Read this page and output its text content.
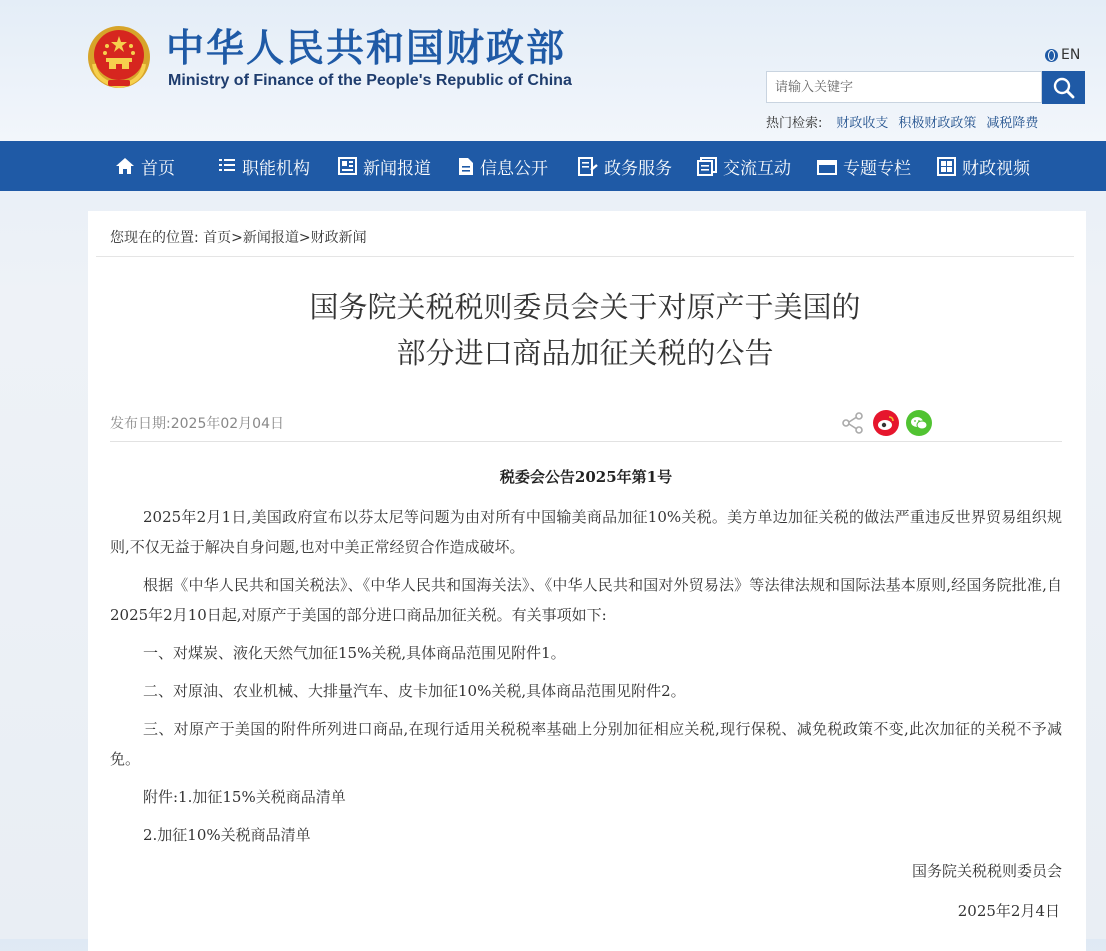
中华人民共和国财政部
Ministry of Finance of the People's Republic of China
EN
请输入关键字
热门检索: 财政收支 积极财政政策 减税降费
首页	职能机构	新闻报道	信息公开	政务服务	交流互动	专题专栏	财政视频
您现在的位置: 首页>新闻报道>财政新闻
国务院关税税则委员会关于对原产于美国的
部分进口商品加征关税的公告
发布日期:2025年02月04日
税委会公告2025年第1号

2025年2月1日,美国政府宣布以芬太尼等问题为由对所有中国输美商品加征10%关税。美方单边加征关税的做法严重违反世界贸易组织规则,不仅无益于解决自身问题,也对中美正常经贸合作造成破坏。

根据《中华人民共和国关税法》、《中华人民共和国海关法》、《中华人民共和国对外贸易法》等法律法规和国际法基本原则,经国务院批准,自2025年2月10日起,对原产于美国的部分进口商品加征关税。有关事项如下:

一、对煤炭、液化天然气加征15%关税,具体商品范围见附件1。

二、对原油、农业机械、大排量汽车、皮卡加征10%关税,具体商品范围见附件2。

三、对原产于美国的附件所列进口商品,在现行适用关税税率基础上分别加征相应关税,现行保税、减免税政策不变,此次加征的关税不予减免。

附件:1.加征15%关税商品清单

2.加征10%关税商品清单

国务院关税税则委员会
2025年2月4日
